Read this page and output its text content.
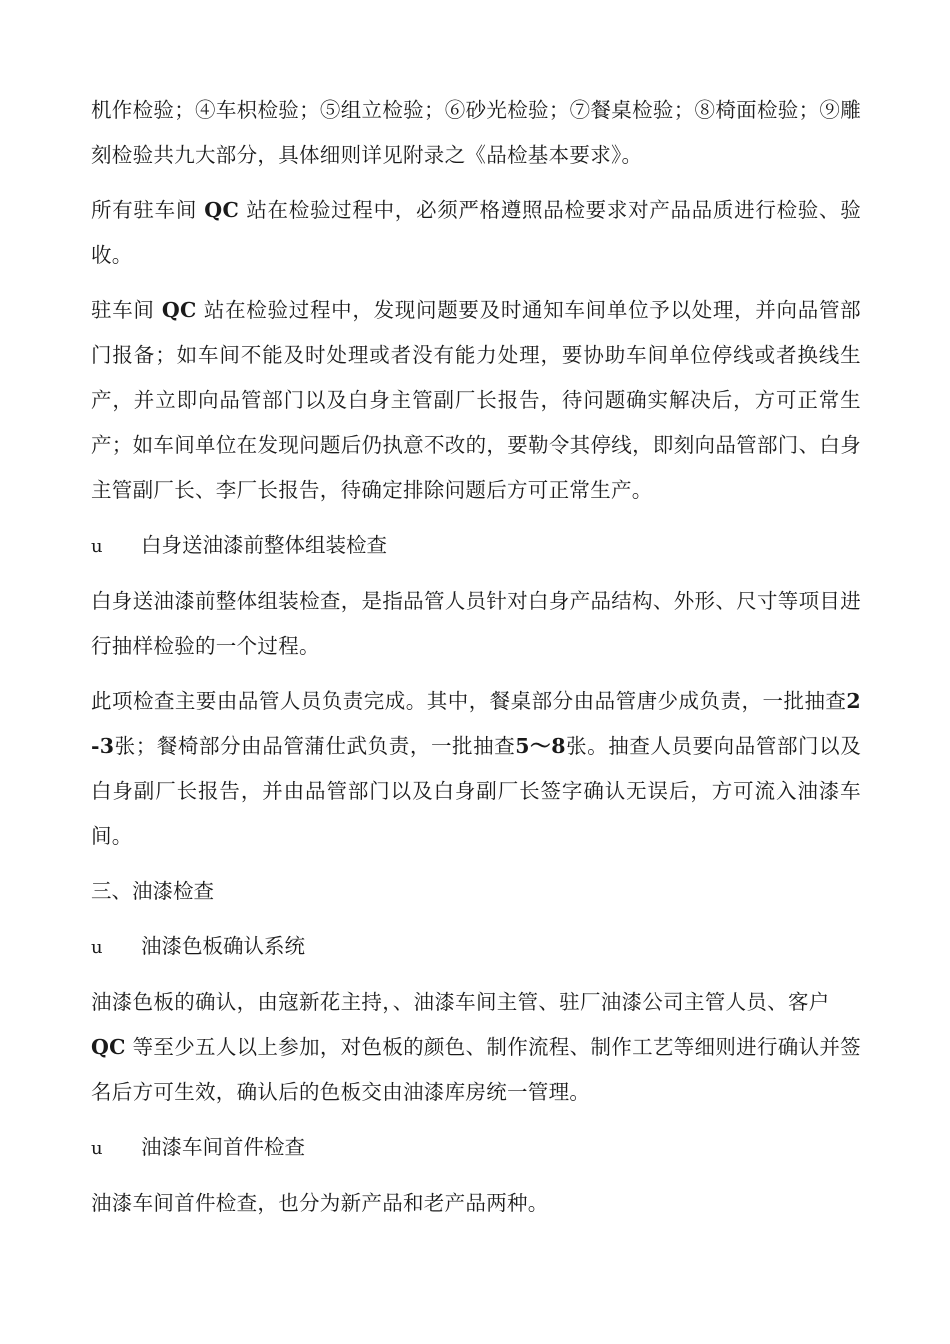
机作检验；④车枳检验；⑤组立检验；⑥砂光检验；⑦餐桌检验；⑧椅面检验；⑨雕刻检验共九大部分，具体细则详见附录之《品检基本要求》。

所有驻车间 QC 站在检验过程中，必须严格遵照品检要求对产品品质进行检验、验收。

驻车间 QC 站在检验过程中，发现问题要及时通知车间单位予以处理，并向品管部门报备；如车间不能及时处理或者没有能力处理，要协助车间单位停线或者换线生产，并立即向品管部门以及白身主管副厂长报告，待问题确实解决后，方可正常生产；如车间单位在发现问题后仍执意不改的，要勒令其停线，即刻向品管部门、白身主管副厂长、李厂长报告，待确定排除问题后方可正常生产。

u	白身送油漆前整体组装检查

白身送油漆前整体组装检查，是指品管人员针对白身产品结构、外形、尺寸等项目进行抽样检验的一个过程。

此项检查主要由品管人员负责完成。其中，餐桌部分由品管唐少成负责，一批抽查2-3张；餐椅部分由品管蒲仕武负责，一批抽查5～8张。抽查人员要向品管部门以及白身副厂长报告，并由品管部门以及白身副厂长签字确认无误后，方可流入油漆车间。

三、油漆检查
u	油漆色板确认系统

油漆色板的确认，由寇新花主持，、油漆车间主管、驻厂油漆公司主管人员、客户
QC 等至少五人以上参加，对色板的颜色、制作流程、制作工艺等细则进行确认并签名后方可生效，确认后的色板交由油漆库房统一管理。

u	油漆车间首件检查

油漆车间首件检查，也分为新产品和老产品两种。
